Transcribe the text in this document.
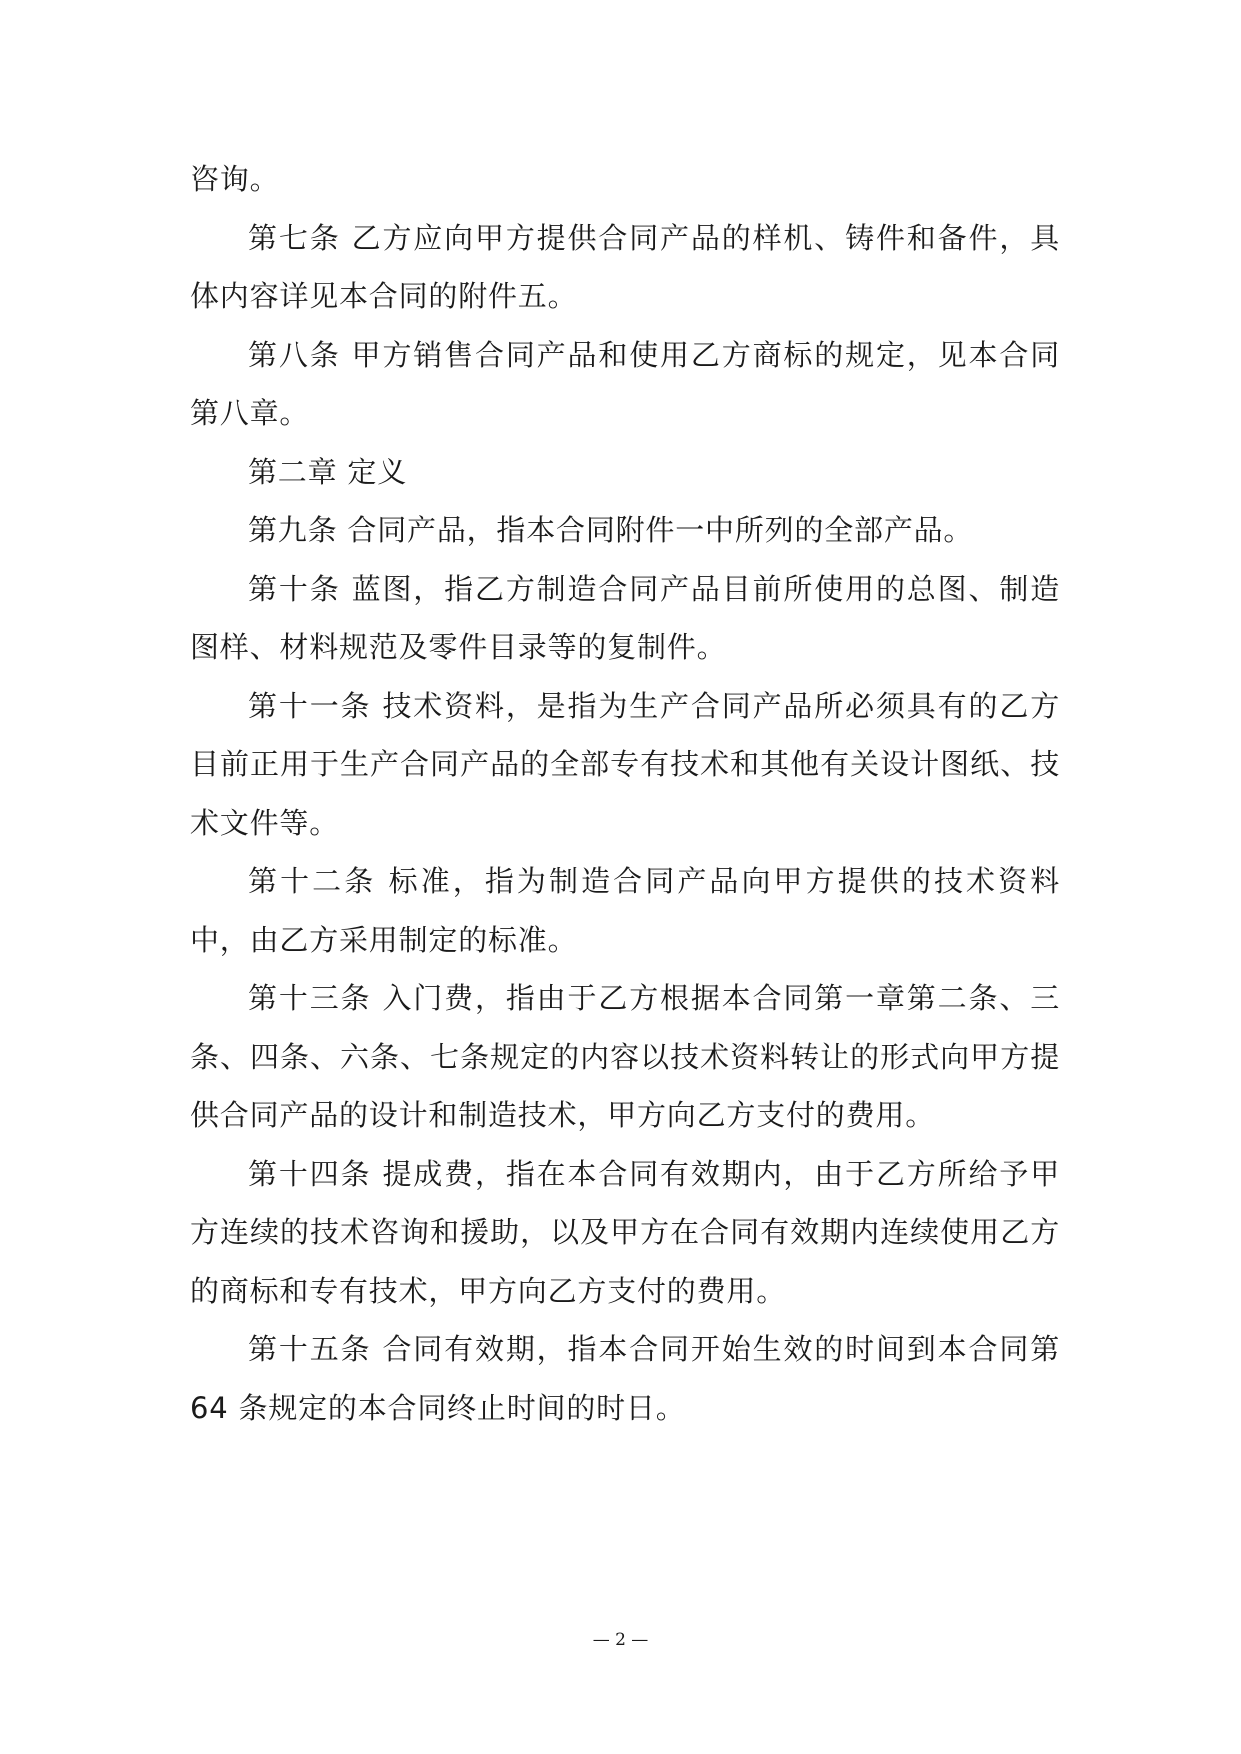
咨询。

第七条 乙方应向甲方提供合同产品的样机、铸件和备件，具体内容详见本合同的附件五。

第八条 甲方销售合同产品和使用乙方商标的规定，见本合同第八章。

第二章 定义

第九条 合同产品，指本合同附件一中所列的全部产品。

第十条 蓝图，指乙方制造合同产品目前所使用的总图、制造图样、材料规范及零件目录等的复制件。

第十一条 技术资料，是指为生产合同产品所必须具有的乙方目前正用于生产合同产品的全部专有技术和其他有关设计图纸、技术文件等。

第十二条 标准，指为制造合同产品向甲方提供的技术资料中，由乙方采用制定的标准。

第十三条 入门费，指由于乙方根据本合同第一章第二条、三条、四条、六条、七条规定的内容以技术资料转让的形式向甲方提供合同产品的设计和制造技术，甲方向乙方支付的费用。

第十四条 提成费，指在本合同有效期内，由于乙方所给予甲方连续的技术咨询和援助，以及甲方在合同有效期内连续使用乙方的商标和专有技术，甲方向乙方支付的费用。

第十五条 合同有效期，指本合同开始生效的时间到本合同第 64 条规定的本合同终止时间的时日。

— 2 —
